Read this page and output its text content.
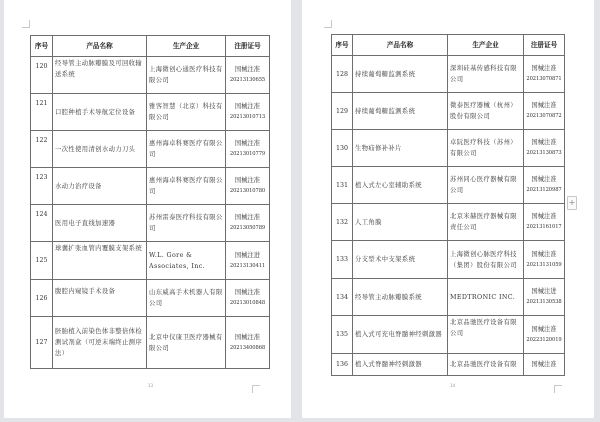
序号	产品名称	生产企业	注册证号
120	经导管主动脉瓣膜及可回收输送系统	上海微创心通医疗科技有限公司	国械注准
20213130655

121	口腔种植手术导航定位设备	雅客智慧（北京）科技有限公司	国械注准
20213010713

122	一次性使用清创水动力刀头	惠州海卓科赛医疗有限公司	国械注准
20213010779

123	水动力治疗设备	惠州海卓科赛医疗有限公司	国械注准
20213010780

124	医用电子直线加速器	苏州雷泰医疗科技有限公司	国械注准
20213050789

125	球囊扩张血管内覆膜支架系统	W.L. Gore & Associates, Inc.	国械注进
20213130411

126	腹腔内窥镜手术设备	山东威高手术机器人有限公司	国械注准
20213010848

127	胚胎植入前染色体非整倍体检测试剂盒（可逆末端终止测序法）	北京中仪康卫医疗器械有限公司	国械注准
20213400868
13
序号	产品名称	生产企业	注册证号
128	持续葡萄糖监测系统	深圳硅基传感科技有限公司	国械注准
20213070871

129	持续葡萄糖监测系统	微泰医疗器械（杭州）股份有限公司	国械注准
20213070872

130	生物疝修补补片	卓阮医疗科技（苏州）有限公司	国械注准
20213130873

131	植入式左心室辅助系统	苏州同心医疗器械有限公司	国械注准
20213120987

132	人工角膜	北京米赫医疗器械有限责任公司	国械注准
20213161017

133	分支型术中支架系统	上海微创心脉医疗科技（集团）股份有限公司	国械注准
20213131059

134	经导管主动脉瓣膜系统	MEDTRONIC INC.	国械注进
20213130538

135	植入式可充电脊髓神经刺激器	北京品驰医疗设备有限公司	国械注准
20223120019

136	植入式脊髓神经刺激器	北京品驰医疗设备有限	国械注准
14
+
